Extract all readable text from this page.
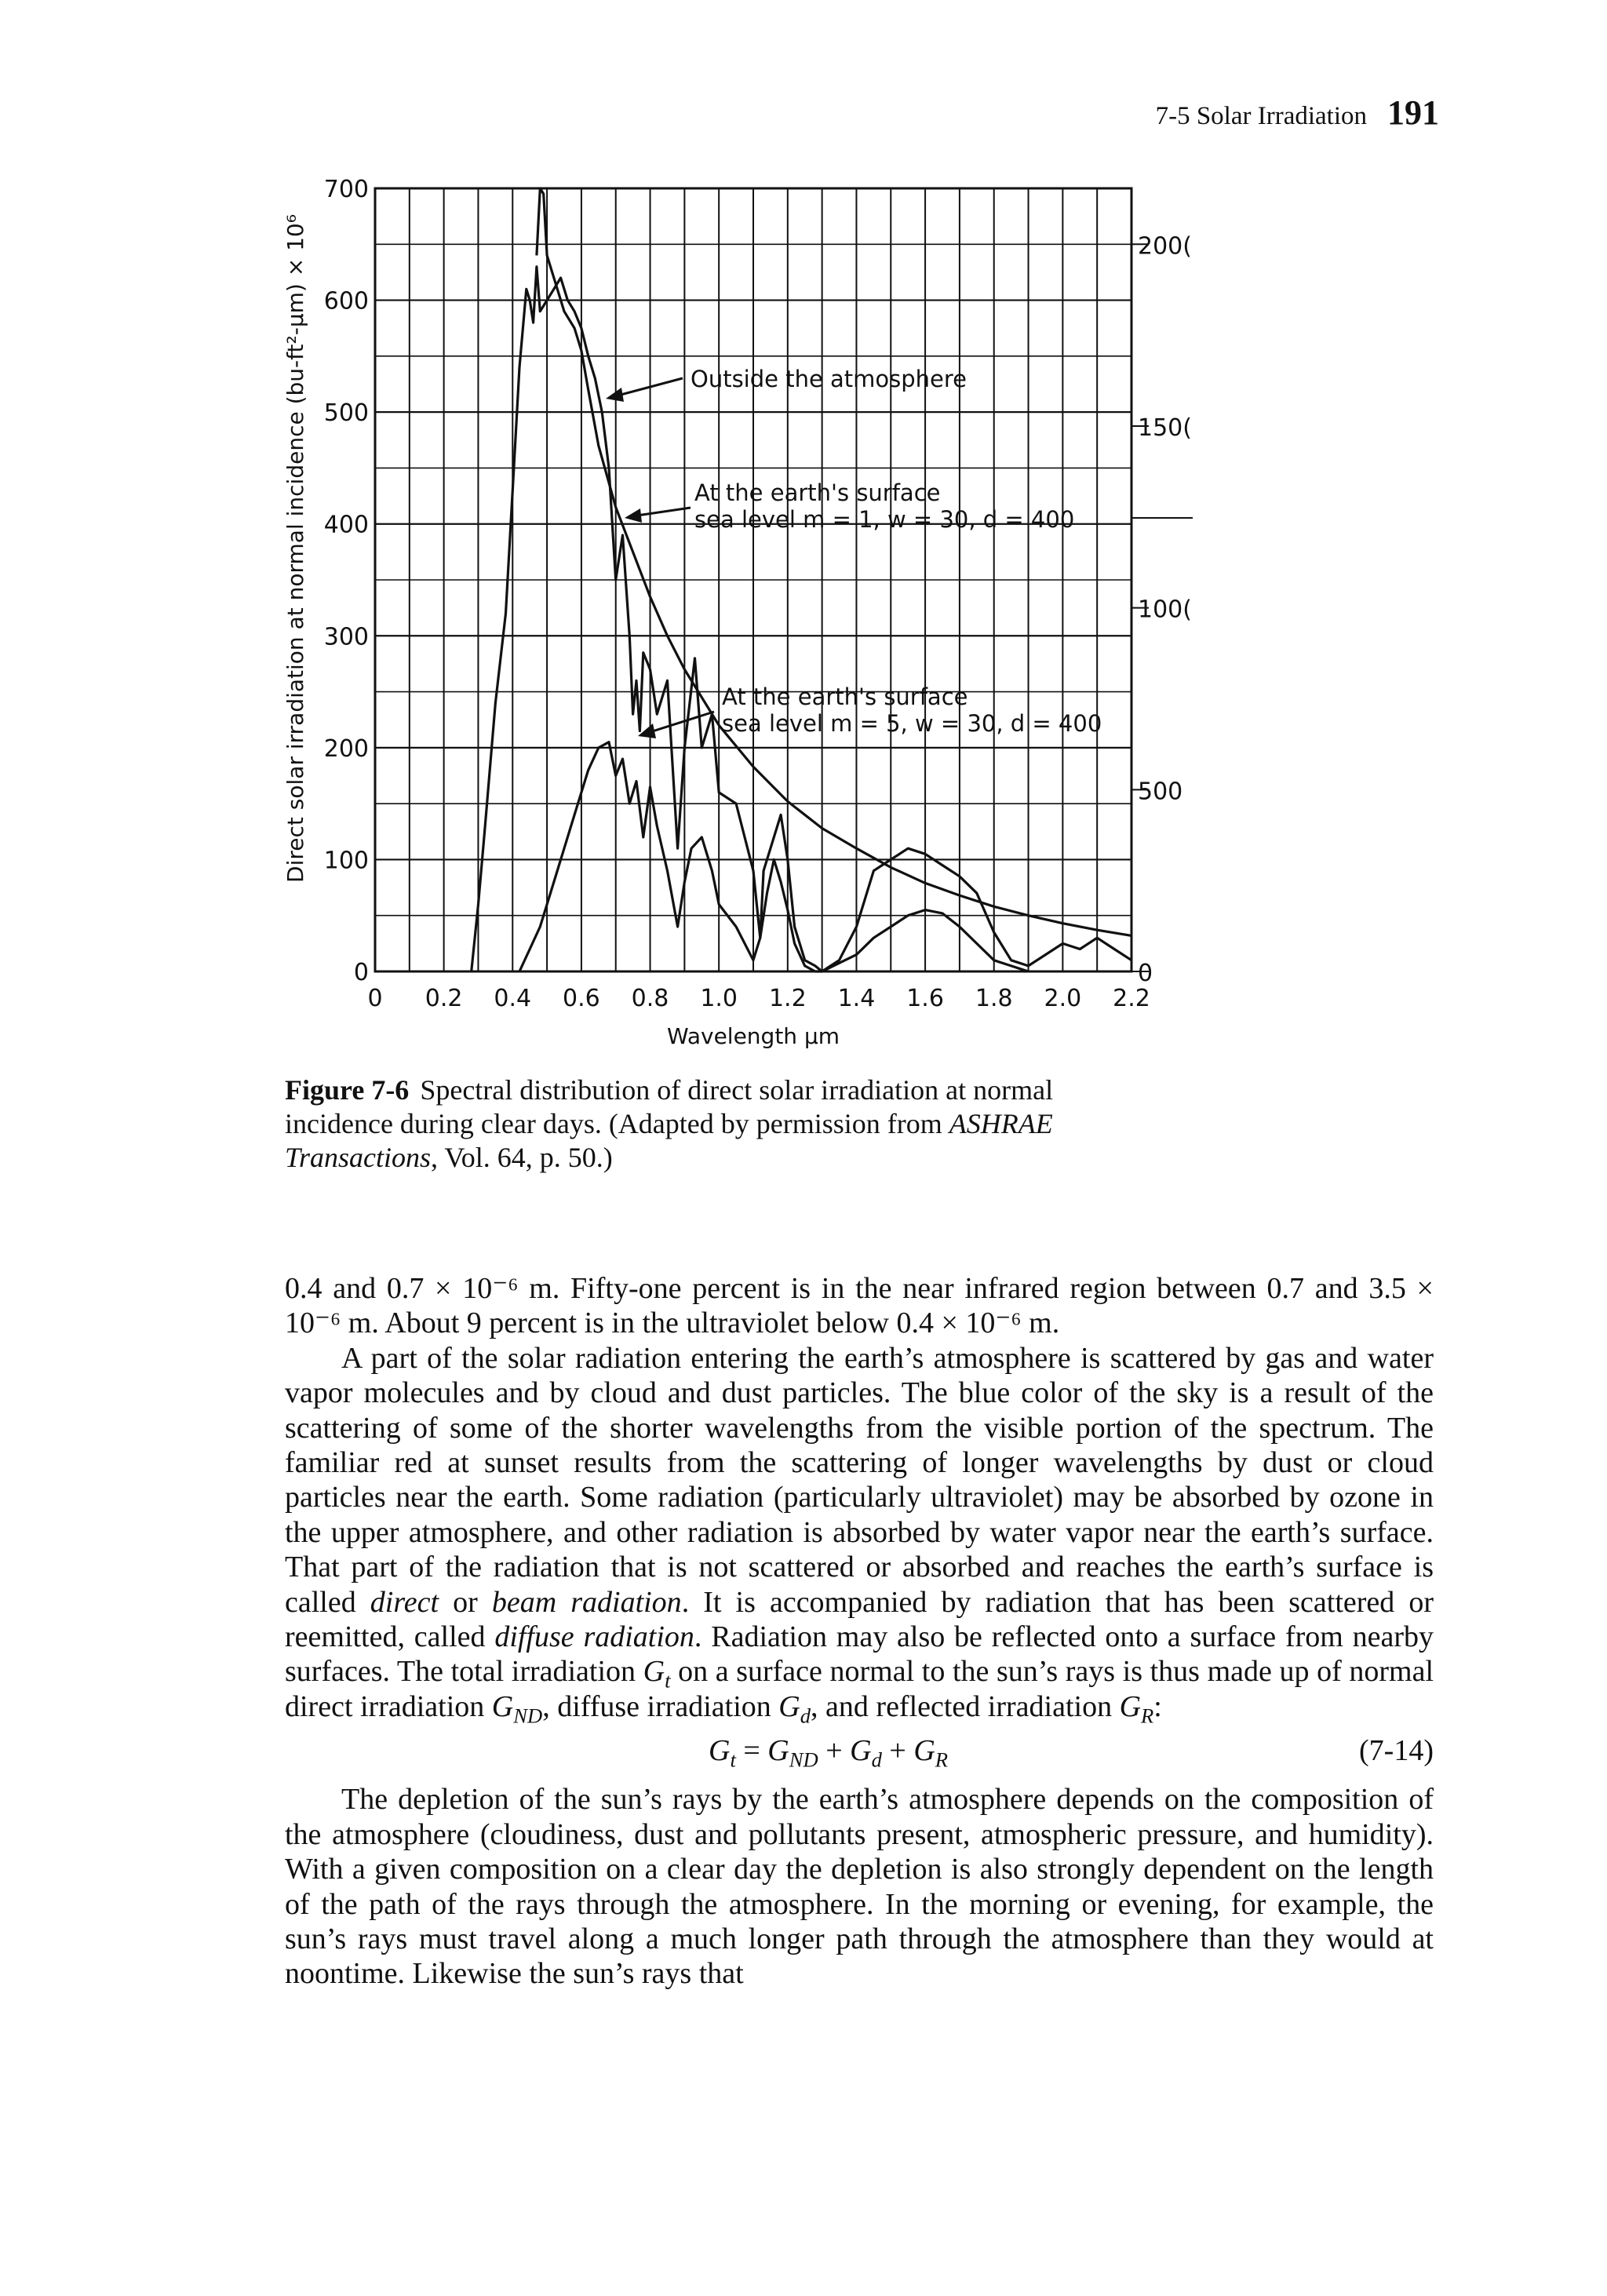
7-5 Solar Irradiation 191
0 0.2 0.4 0.6 0.8 1.0 1.2 1.4 1.6 1.8 2.0 2.2
0
100
200
300
400
500
600
700
0
500
100(
150(
200(
Wavelength μm
Direct solar irradiation at normal incidence (bu-ft²-μm) × 10⁶	Outside the atmosphere
At the earth's surface
sea level m = 1, w = 30, d = 400
At the earth's surface
sea level m = 5, w = 30, d = 400
Figure 7-6 Spectral distribution of direct solar irradiation at normal incidence during clear days. (Adapted by permission from ASHRAE Transactions, Vol. 64, p. 50.)

0.4 and 0.7 × 10⁻⁶ m. Fifty-one percent is in the near infrared region between 0.7 and 3.5 × 10⁻⁶ m. About 9 percent is in the ultraviolet below 0.4 × 10⁻⁶ m.

A part of the solar radiation entering the earth’s atmosphere is scattered by gas and water vapor molecules and by cloud and dust particles. The blue color of the sky is a result of the scattering of some of the shorter wavelengths from the visible portion of the spectrum. The familiar red at sunset results from the scattering of longer wavelengths by dust or cloud particles near the earth. Some radiation (particularly ultraviolet) may be absorbed by ozone in the upper atmosphere, and other radiation is absorbed by water vapor near the earth’s surface. That part of the radiation that is not scattered or absorbed and reaches the earth’s surface is called direct or beam radiation. It is accompanied by radiation that has been scattered or reemitted, called diffuse radiation. Radiation may also be reflected onto a surface from nearby surfaces. The total irradiation $G_t$ on a surface normal to the sun’s rays is thus made up of normal direct irradiation $G_{ND}$, diffuse irradiation $G_d$, and reflected irradiation $G_R$:

$G_t = G_{ND} + G_d + G_R$	(7-14)

The depletion of the sun’s rays by the earth’s atmosphere depends on the composition of the atmosphere (cloudiness, dust and pollutants present, atmospheric pressure, and humidity). With a given composition on a clear day the depletion is also strongly dependent on the length of the path of the rays through the atmosphere. In the morning or evening, for example, the sun’s rays must travel along a much longer path through the atmosphere than they would at noontime. Likewise the sun’s rays that
